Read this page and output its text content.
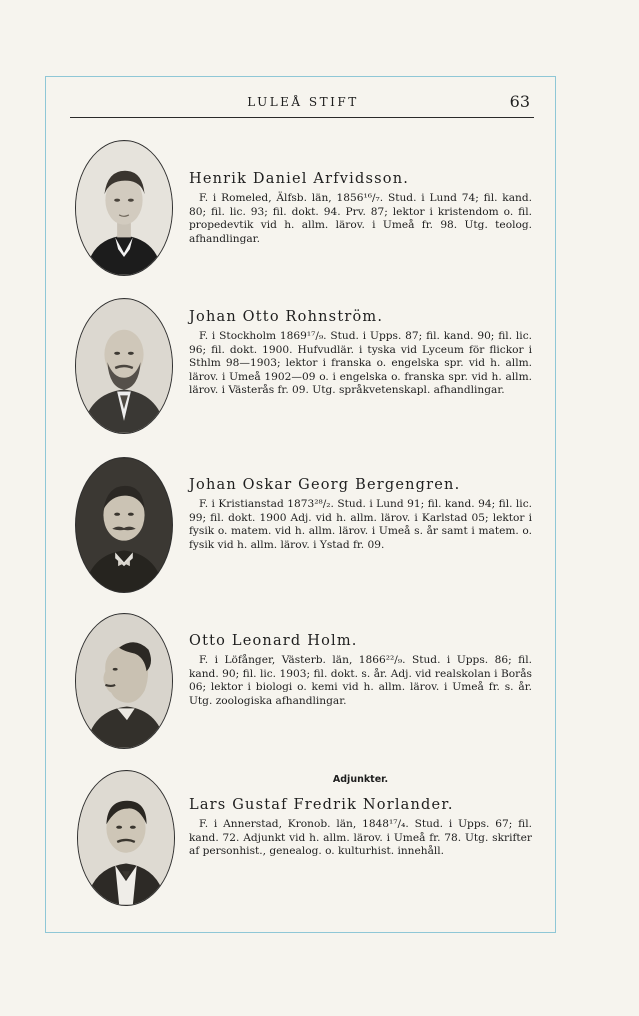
LULEÅ STIFT	63

Henrik Daniel Arfvidsson.

F. i Romeled, Älfsb. län, 1856¹⁶/₇. Stud. i Lund 74; fil. kand. 80; fil. lic. 93; fil. dokt. 94. Prv. 87; lektor i kristendom o. fil. propedevtik vid h. allm. lärov. i Umeå fr. 98. Utg. teolog. afhandlingar.

Johan Otto Rohnström.

F. i Stockholm 1869¹⁷/₉. Stud. i Upps. 87; fil. kand. 90; fil. lic. 96; fil. dokt. 1900. Hufvudlär. i tyska vid Lyceum för flickor i Sthlm 98—1903; lektor i franska o. engelska spr. vid h. allm. lärov. i Umeå 1902—09 o. i engelska o. franska spr. vid h. allm. lärov. i Västerås fr. 09. Utg. språkvetenskapl. afhandlingar.

Johan Oskar Georg Bergengren.

F. i Kristianstad 1873²⁸/₂. Stud. i Lund 91; fil. kand. 94; fil. lic. 99; fil. dokt. 1900 Adj. vid h. allm. lärov. i Karlstad 05; lektor i fysik o. matem. vid h. allm. lärov. i Umeå s. år samt i matem. o. fysik vid h. allm. lärov. i Ystad fr. 09.

Otto Leonard Holm.

F. i Löfånger, Västerb. län, 1866²²/₉. Stud. i Upps. 86; fil. kand. 90; fil. lic. 1903; fil. dokt. s. år. Adj. vid realskolan i Borås 06; lektor i biologi o. kemi vid h. allm. lärov. i Umeå fr. s. år. Utg. zoologiska afhandlingar.

Adjunkter.

Lars Gustaf Fredrik Norlander.

F. i Annerstad, Kronob. län, 1848¹⁷/₄. Stud. i Upps. 67; fil. kand. 72. Adjunkt vid h. allm. lärov. i Umeå fr. 78. Utg. skrifter af personhist., genealog. o. kulturhist. innehåll.
